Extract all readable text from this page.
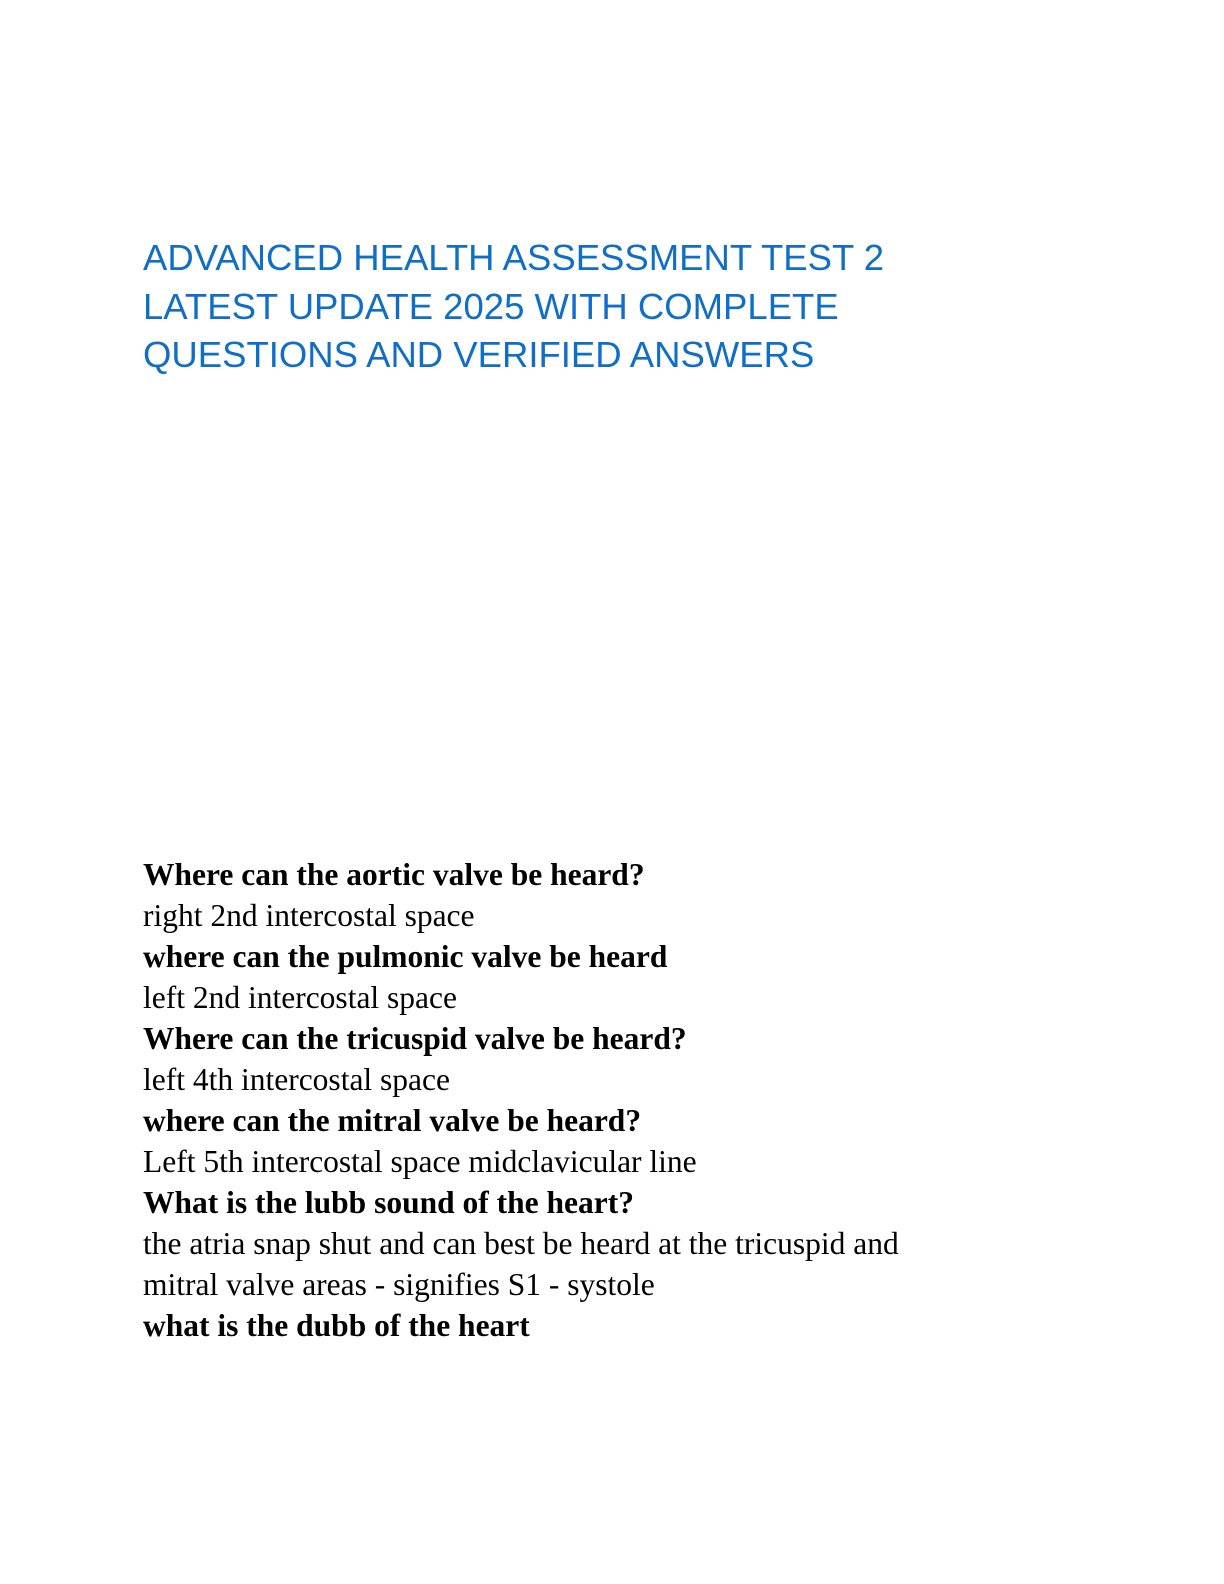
ADVANCED HEALTH ASSESSMENT TEST 2
LATEST UPDATE 2025 WITH COMPLETE
QUESTIONS AND VERIFIED ANSWERS
Where can the aortic valve be heard?
right 2nd intercostal space
where can the pulmonic valve be heard
left 2nd intercostal space
Where can the tricuspid valve be heard?
left 4th intercostal space
where can the mitral valve be heard?
Left 5th intercostal space midclavicular line
What is the lubb sound of the heart?
the atria snap shut and can best be heard at the tricuspid and
mitral valve areas - signifies S1 - systole
what is the dubb of the heart
